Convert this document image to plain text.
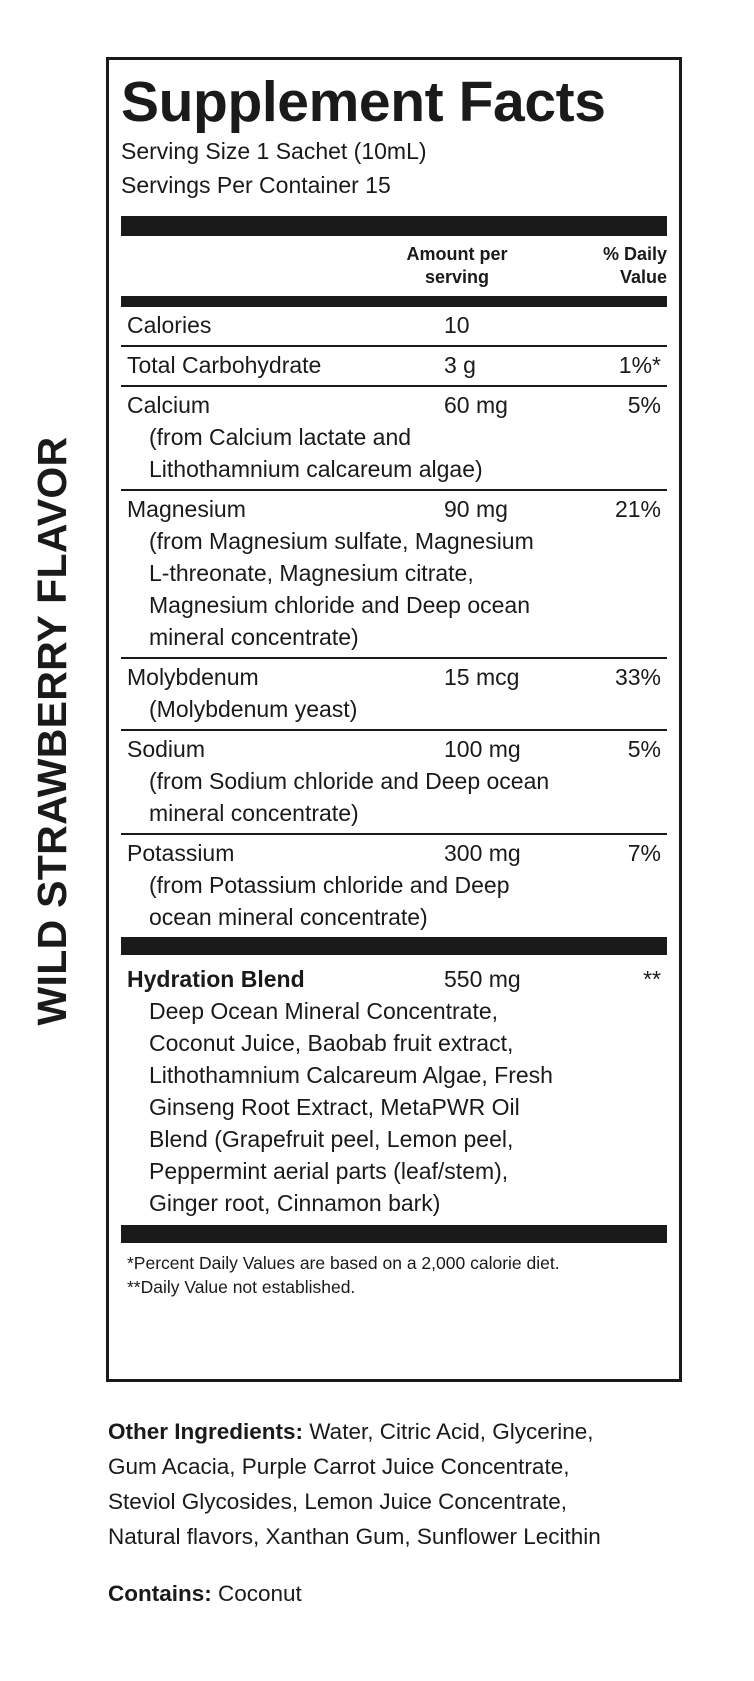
WILD STRAWBERRY FLAVOR
Supplement Facts
Serving Size 1 Sachet (10mL)
Servings Per Container 15
Amount per serving
% Daily Value
Calories	10
Total Carbohydrate	3 g	1%*
Calcium	60 mg	5%
(from Calcium lactate and
Lithothamnium calcareum algae)
Magnesium	90 mg	21%
(from Magnesium sulfate, Magnesium
L-threonate, Magnesium citrate,
Magnesium chloride and Deep ocean
mineral concentrate)
Molybdenum	15 mcg	33%
(Molybdenum yeast)
Sodium	100 mg	5%
(from Sodium chloride and Deep ocean
mineral concentrate)
Potassium	300 mg	7%
(from Potassium chloride and Deep
ocean mineral concentrate)
Hydration Blend	550 mg	**
Deep Ocean Mineral Concentrate,
Coconut Juice, Baobab fruit extract,
Lithothamnium Calcareum Algae, Fresh
Ginseng Root Extract, MetaPWR Oil
Blend (Grapefruit peel, Lemon peel,
Peppermint aerial parts (leaf/stem),
Ginger root, Cinnamon bark)
*Percent Daily Values are based on a 2,000 calorie diet.
**Daily Value not established.
Other Ingredients: Water, Citric Acid, Glycerine,
Gum Acacia, Purple Carrot Juice Concentrate,
Steviol Glycosides, Lemon Juice Concentrate,
Natural flavors, Xanthan Gum, Sunflower Lecithin
Contains: Coconut
